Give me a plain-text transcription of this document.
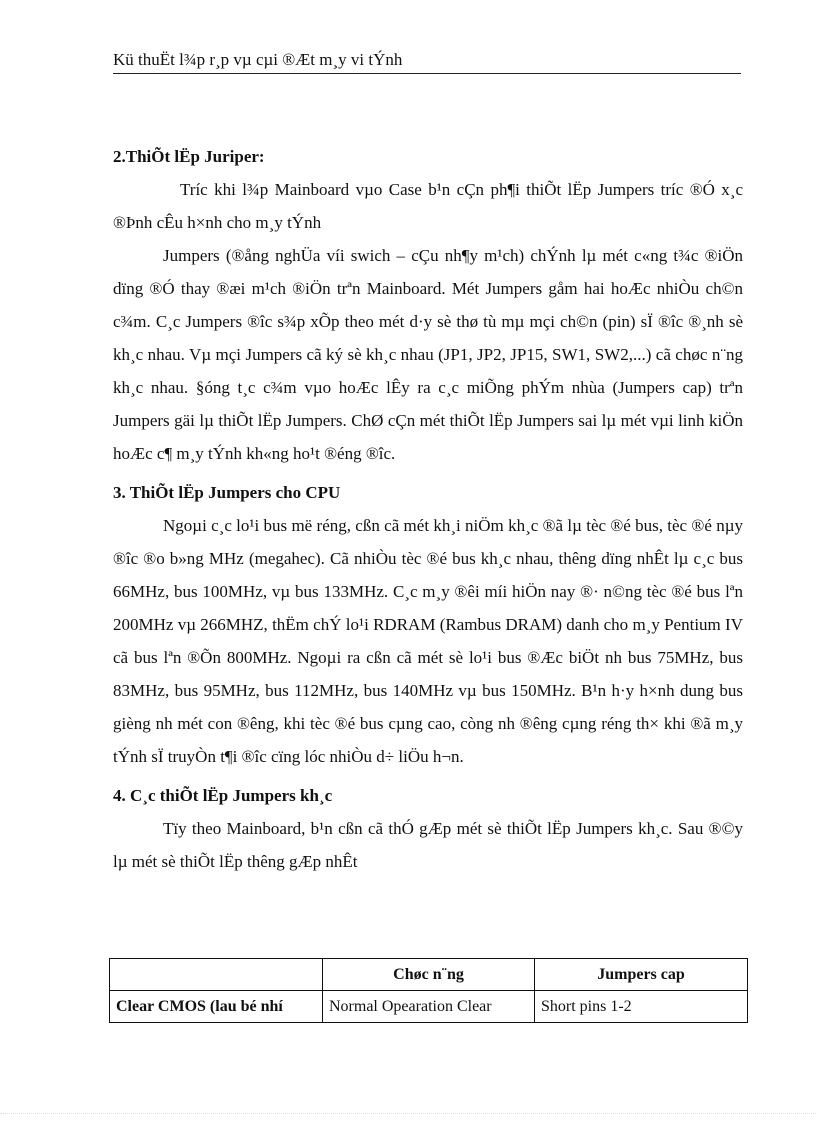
Kü thuËt l¾p r¸p vµ cµi ®Æt m¸y vi tÝnh

2.ThiÕt lËp Juriper:

Tríc khi l¾p Mainboard vµo Case b¹n cÇn ph¶i thiÕt lËp Jumpers tríc ®Ó x¸c ®Þnh cÊu h×nh cho m¸y tÝnh

Jumpers (®ång nghÜa víi swich – cÇu nh¶y m¹ch) chÝnh lµ mét c«ng t¾c ®iÖn dïng ®Ó thay ®æi m¹ch ®iÖn trªn Mainboard. Mét Jumpers gåm hai hoÆc nhiÒu ch©n c¾m. C¸c Jumpers ®îc s¾p xÕp theo mét d·y sè thø tù mµ mçi ch©n (pin) sÏ ®îc ®¸nh sè kh¸c nhau. Vµ mçi Jumpers cã ký sè kh¸c nhau (JP1, JP2, JP15, SW1, SW2,...) cã chøc n¨ng kh¸c nhau. §óng t¸c c¾m vµo hoÆc lÊy ra c¸c miÕng phÝm nhùa (Jumpers cap) trªn Jumpers gäi lµ thiÕt lËp Jumpers. ChØ cÇn mét thiÕt lËp Jumpers sai lµ mét vµi linh kiÖn hoÆc c¶ m¸y tÝnh kh«ng ho¹t ®éng ®îc.

3. ThiÕt lËp Jumpers cho CPU

Ngoµi c¸c lo¹i bus më réng, cßn cã mét kh¸i niÖm kh¸c ®ã lµ tèc ®é bus, tèc ®é nµy ®îc ®o b»ng MHz (megahec). Cã nhiÒu tèc ®é bus kh¸c nhau, thêng dïng nhÊt lµ c¸c bus 66MHz, bus 100MHz, vµ bus 133MHz. C¸c m¸y ®êi míi hiÖn nay ®· n©ng tèc ®é bus lªn 200MHz vµ 266MHZ, thËm chÝ lo¹i RDRAM (Rambus DRAM) danh cho m¸y Pentium IV cã bus lªn ®Õn 800MHz. Ngoµi ra cßn cã mét sè lo¹i bus ®Æc biÖt nh bus 75MHz, bus 83MHz, bus 95MHz, bus 112MHz, bus 140MHz vµ bus 150MHz. B¹n h·y h×nh dung bus gièng nh mét con ®êng, khi tèc ®é bus cµng cao, còng nh ®êng cµng réng th× khi ®ã m¸y tÝnh sÏ truyÒn t¶i ®îc cïng lóc nhiÒu d÷ liÖu h¬n.

4. C¸c thiÕt lËp Jumpers kh¸c

Tïy theo Mainboard, b¹n cßn cã thÓ gÆp mét sè thiÕt lËp Jumpers kh¸c. Sau ®©y lµ mét sè thiÕt lËp thêng gÆp nhÊt

	Chøc n¨ng	Jumpers cap
Clear CMOS (lau bé nhí	Normal Opearation Clear	Short pins 1-2
